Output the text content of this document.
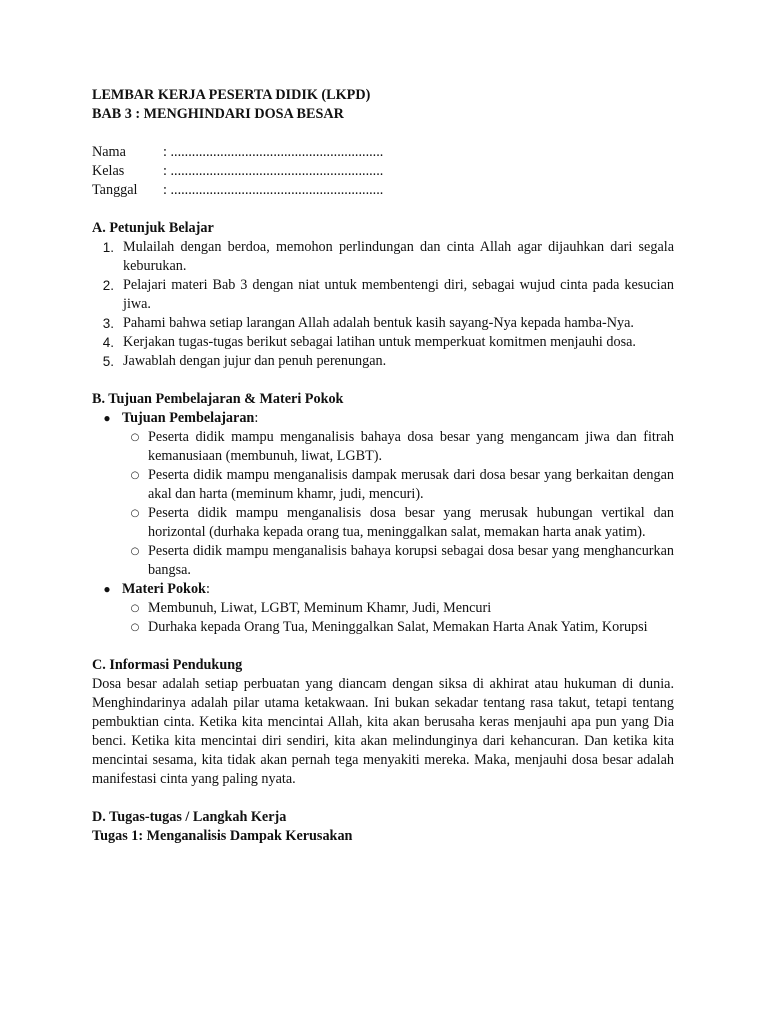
LEMBAR KERJA PESERTA DIDIK (LKPD)
BAB 3 : MENGHINDARI DOSA BESAR
Nama	: ............................................................
Kelas	: ............................................................
Tanggal	: ............................................................
A. Petunjuk Belajar
1. Mulailah dengan berdoa, memohon perlindungan dan cinta Allah agar dijauhkan dari segala keburukan.
2. Pelajari materi Bab 3 dengan niat untuk membentengi diri, sebagai wujud cinta pada kesucian jiwa.
3. Pahami bahwa setiap larangan Allah adalah bentuk kasih sayang-Nya kepada hamba-Nya.
4. Kerjakan tugas-tugas berikut sebagai latihan untuk memperkuat komitmen menjauhi dosa.
5. Jawablah dengan jujur dan penuh perenungan.
B. Tujuan Pembelajaran & Materi Pokok
● Tujuan Pembelajaran:
○ Peserta didik mampu menganalisis bahaya dosa besar yang mengancam jiwa dan fitrah kemanusiaan (membunuh, liwat, LGBT).
○ Peserta didik mampu menganalisis dampak merusak dari dosa besar yang berkaitan dengan akal dan harta (meminum khamr, judi, mencuri).
○ Peserta didik mampu menganalisis dosa besar yang merusak hubungan vertikal dan horizontal (durhaka kepada orang tua, meninggalkan salat, memakan harta anak yatim).
○ Peserta didik mampu menganalisis bahaya korupsi sebagai dosa besar yang menghancurkan bangsa.
● Materi Pokok:
○ Membunuh, Liwat, LGBT, Meminum Khamr, Judi, Mencuri
○ Durhaka kepada Orang Tua, Meninggalkan Salat, Memakan Harta Anak Yatim, Korupsi
C. Informasi Pendukung
Dosa besar adalah setiap perbuatan yang diancam dengan siksa di akhirat atau hukuman di dunia. Menghindarinya adalah pilar utama ketakwaan. Ini bukan sekadar tentang rasa takut, tetapi tentang pembuktian cinta. Ketika kita mencintai Allah, kita akan berusaha keras menjauhi apa pun yang Dia benci. Ketika kita mencintai diri sendiri, kita akan melindunginya dari kehancuran. Dan ketika kita mencintai sesama, kita tidak akan pernah tega menyakiti mereka. Maka, menjauhi dosa besar adalah manifestasi cinta yang paling nyata.
D. Tugas-tugas / Langkah Kerja
Tugas 1: Menganalisis Dampak Kerusakan
